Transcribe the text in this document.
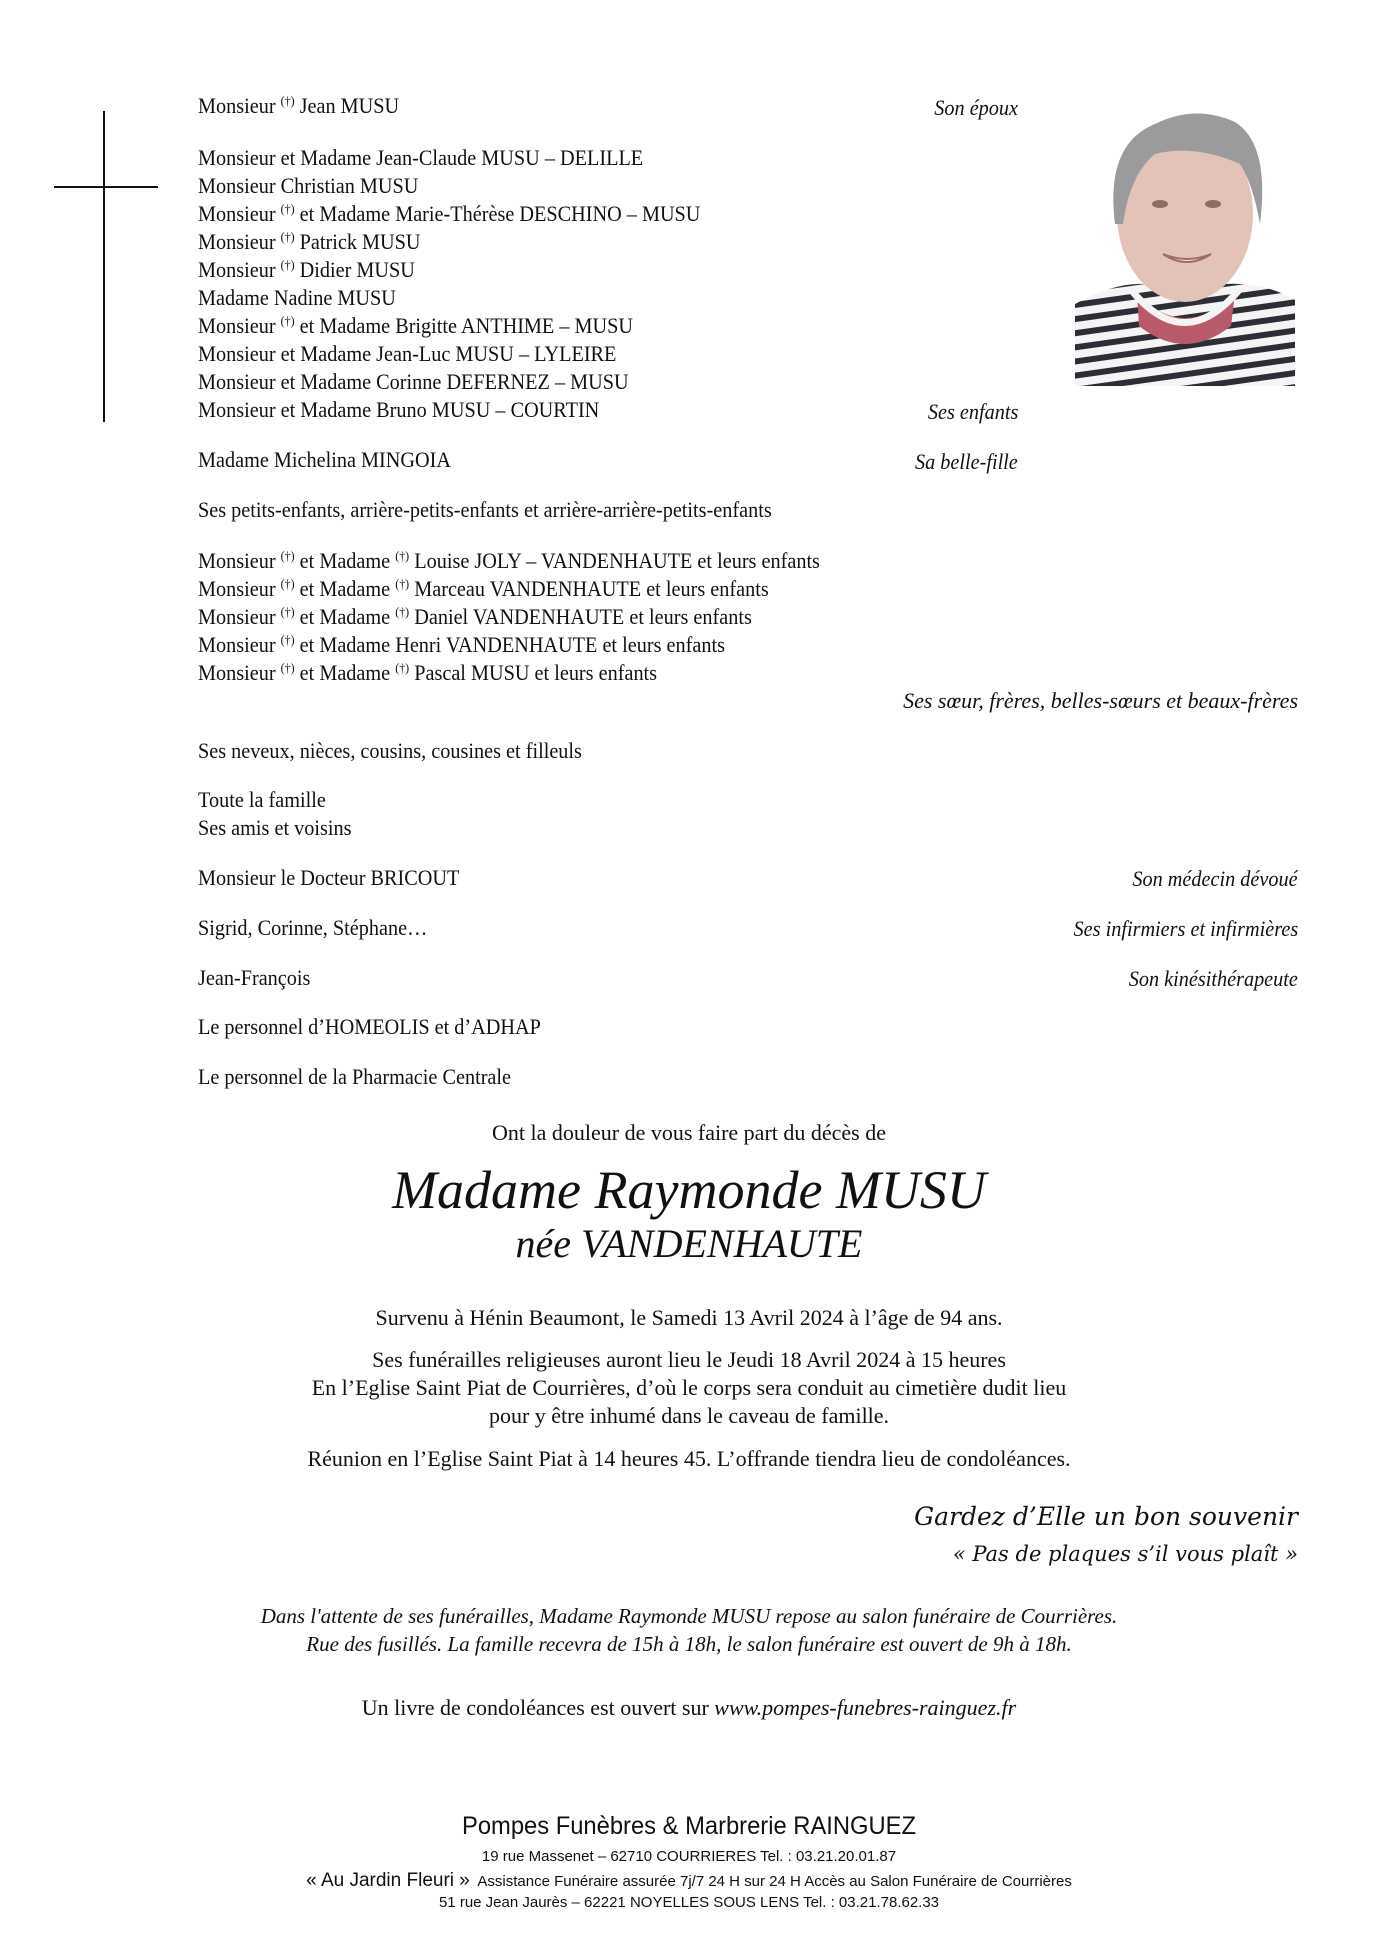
Monsieur (†) Jean MUSU	Son époux
Monsieur et Madame Jean-Claude MUSU – DELILLE
Monsieur Christian MUSU
Monsieur (†) et Madame Marie-Thérèse DESCHINO – MUSU
Monsieur (†) Patrick MUSU
Monsieur (†) Didier MUSU
Madame Nadine MUSU
Monsieur (†) et Madame Brigitte ANTHIME – MUSU
Monsieur et Madame Jean-Luc MUSU – LYLEIRE
Monsieur et Madame Corinne DEFERNEZ – MUSU
Monsieur et Madame Bruno MUSU – COURTIN	Ses enfants
Madame Michelina MINGOIA	Sa belle-fille
Ses petits-enfants, arrière-petits-enfants et arrière-arrière-petits-enfants
Monsieur (†) et Madame (†) Louise JOLY – VANDENHAUTE et leurs enfants
Monsieur (†) et Madame (†) Marceau VANDENHAUTE et leurs enfants
Monsieur (†) et Madame (†) Daniel VANDENHAUTE et leurs enfants
Monsieur (†) et Madame Henri VANDENHAUTE et leurs enfants
Monsieur (†) et Madame (†) Pascal MUSU et leurs enfants
Ses sœur, frères, belles-sœurs et beaux-frères
Ses neveux, nièces, cousins, cousines et filleuls
Toute la famille
Ses amis et voisins
Monsieur le Docteur BRICOUT	Son médecin dévoué
Sigrid, Corinne, Stéphane…	Ses infirmiers et infirmières
Jean-François	Son kinésithérapeute
Le personnel d’HOMEOLIS et d’ADHAP
Le personnel de la Pharmacie Centrale
Ont la douleur de vous faire part du décès de
Madame Raymonde MUSU
née VANDENHAUTE
Survenu à Hénin Beaumont, le Samedi 13 Avril 2024 à l’âge de 94 ans.
Ses funérailles religieuses auront lieu le Jeudi 18 Avril 2024 à 15 heures
En l’Eglise Saint Piat de Courrières, d’où le corps sera conduit au cimetière dudit lieu
pour y être inhumé dans le caveau de famille.
Réunion en l’Eglise Saint Piat à 14 heures 45. L’offrande tiendra lieu de condoléances.
Gardez d’Elle un bon souvenir
« Pas de plaques s’il vous plaît »
Dans l'attente de ses funérailles, Madame Raymonde MUSU repose au salon funéraire de Courrières.
Rue des fusillés. La famille recevra de 15h à 18h, le salon funéraire est ouvert de 9h à 18h.
Un livre de condoléances est ouvert sur www.pompes-funebres-rainguez.fr
Pompes Funèbres & Marbrerie RAINGUEZ
19 rue Massenet – 62710 COURRIERES Tel. : 03.21.20.01.87
« Au Jardin Fleuri » Assistance Funéraire assurée 7j/7 24 H sur 24 H Accès au Salon Funéraire de Courrières
51 rue Jean Jaurès – 62221 NOYELLES SOUS LENS Tel. : 03.21.78.62.33
